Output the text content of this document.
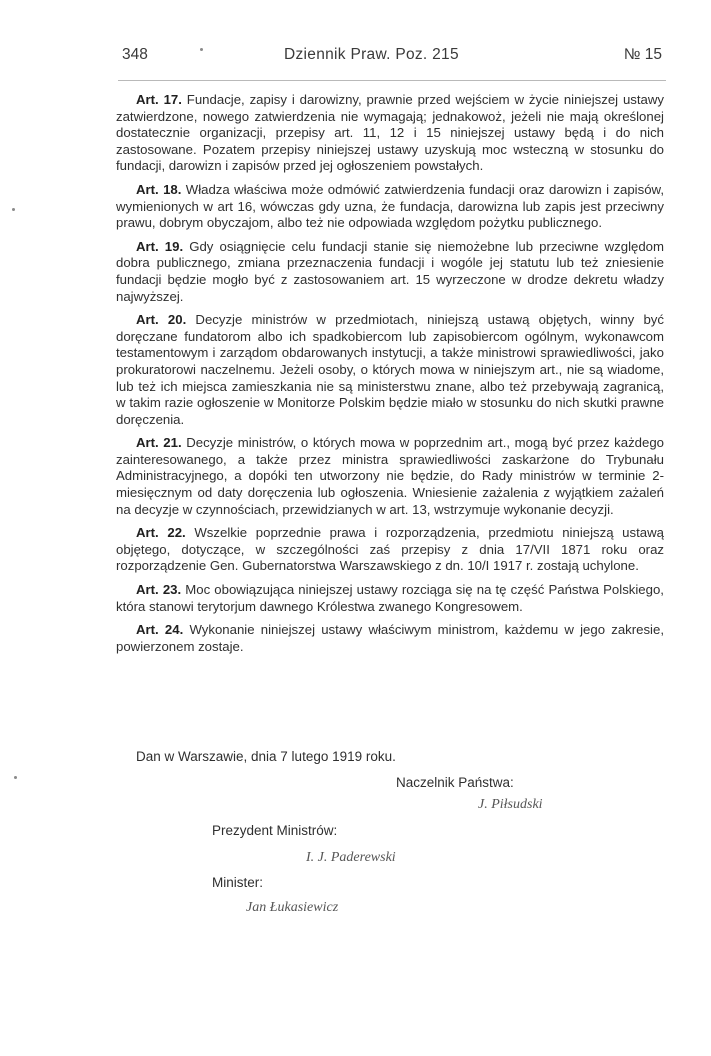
348	Dziennik Praw. Poz. 215	№ 15

Art. 17. Fundacje, zapisy i darowizny, prawnie przed wejściem w życie niniejszej ustawy zatwierdzone, nowego zatwierdzenia nie wymagają; jednakowoż, jeżeli nie mają określonej dostatecznie organizacji, przepisy art. 11, 12 i 15 niniejszej ustawy będą i do nich zastosowane. Pozatem przepisy niniejszej ustawy uzyskują moc wsteczną w stosunku do fundacji, darowizn i zapisów przed jej ogłoszeniem powstałych.

Art. 18. Władza właściwa może odmówić zatwierdzenia fundacji oraz darowizn i zapisów, wymienionych w art 16, wówczas gdy uzna, że fundacja, darowizna lub zapis jest przeciwny prawu, dobrym obyczajom, albo też nie odpowiada względom pożytku publicznego.

Art. 19. Gdy osiągnięcie celu fundacji stanie się niemożebne lub przeciwne względom dobra publicznego, zmiana przeznaczenia fundacji i wogóle jej statutu lub też zniesienie fundacji będzie mogło być z zastosowaniem art. 15 wyrzeczone w drodze dekretu władzy najwyższej.

Art. 20. Decyzje ministrów w przedmiotach, niniejszą ustawą objętych, winny być doręczane fundatorom albo ich spadkobiercom lub zapisobiercom ogólnym, wykonawcom testamentowym i zarządom obdarowanych instytucji, a także ministrowi sprawiedliwości, jako prokuratorowi naczelnemu. Jeżeli osoby, o których mowa w niniejszym art., nie są wiadome, lub też ich miejsca zamieszkania nie są ministerstwu znane, albo też przebywają zagranicą, w takim razie ogłoszenie w Monitorze Polskim będzie miało w stosunku do nich skutki prawne doręczenia.

Art. 21. Decyzje ministrów, o których mowa w poprzednim art., mogą być przez każdego zainteresowanego, a także przez ministra sprawiedliwości zaskarżone do Trybunału Administracyjnego, a dopóki ten utworzony nie będzie, do Rady ministrów w terminie 2-miesięcznym od daty doręczenia lub ogłoszenia. Wniesienie zażalenia z wyjątkiem zażaleń na decyzje w czynnościach, przewidzianych w art. 13, wstrzymuje wykonanie decyzji.

Art. 22. Wszelkie poprzednie prawa i rozporządzenia, przedmiotu niniejszą ustawą objętego, dotyczące, w szczególności zaś przepisy z dnia 17/VII 1871 roku oraz rozporządzenie Gen. Gubernatorstwa Warszawskiego z dn. 10/I 1917 r. zostają uchylone.

Art. 23. Moc obowiązująca niniejszej ustawy rozciąga się na tę część Państwa Polskiego, która stanowi terytorjum dawnego Królestwa zwanego Kongresowem.

Art. 24. Wykonanie niniejszej ustawy właściwym ministrom, każdemu w jego zakresie, powierzonem zostaje.

Dan w Warszawie, dnia 7 lutego 1919 roku.
Naczelnik Państwa:
J. Piłsudski
Prezydent Ministrów:
I. J. Paderewski
Minister:
Jan Łukasiewicz
